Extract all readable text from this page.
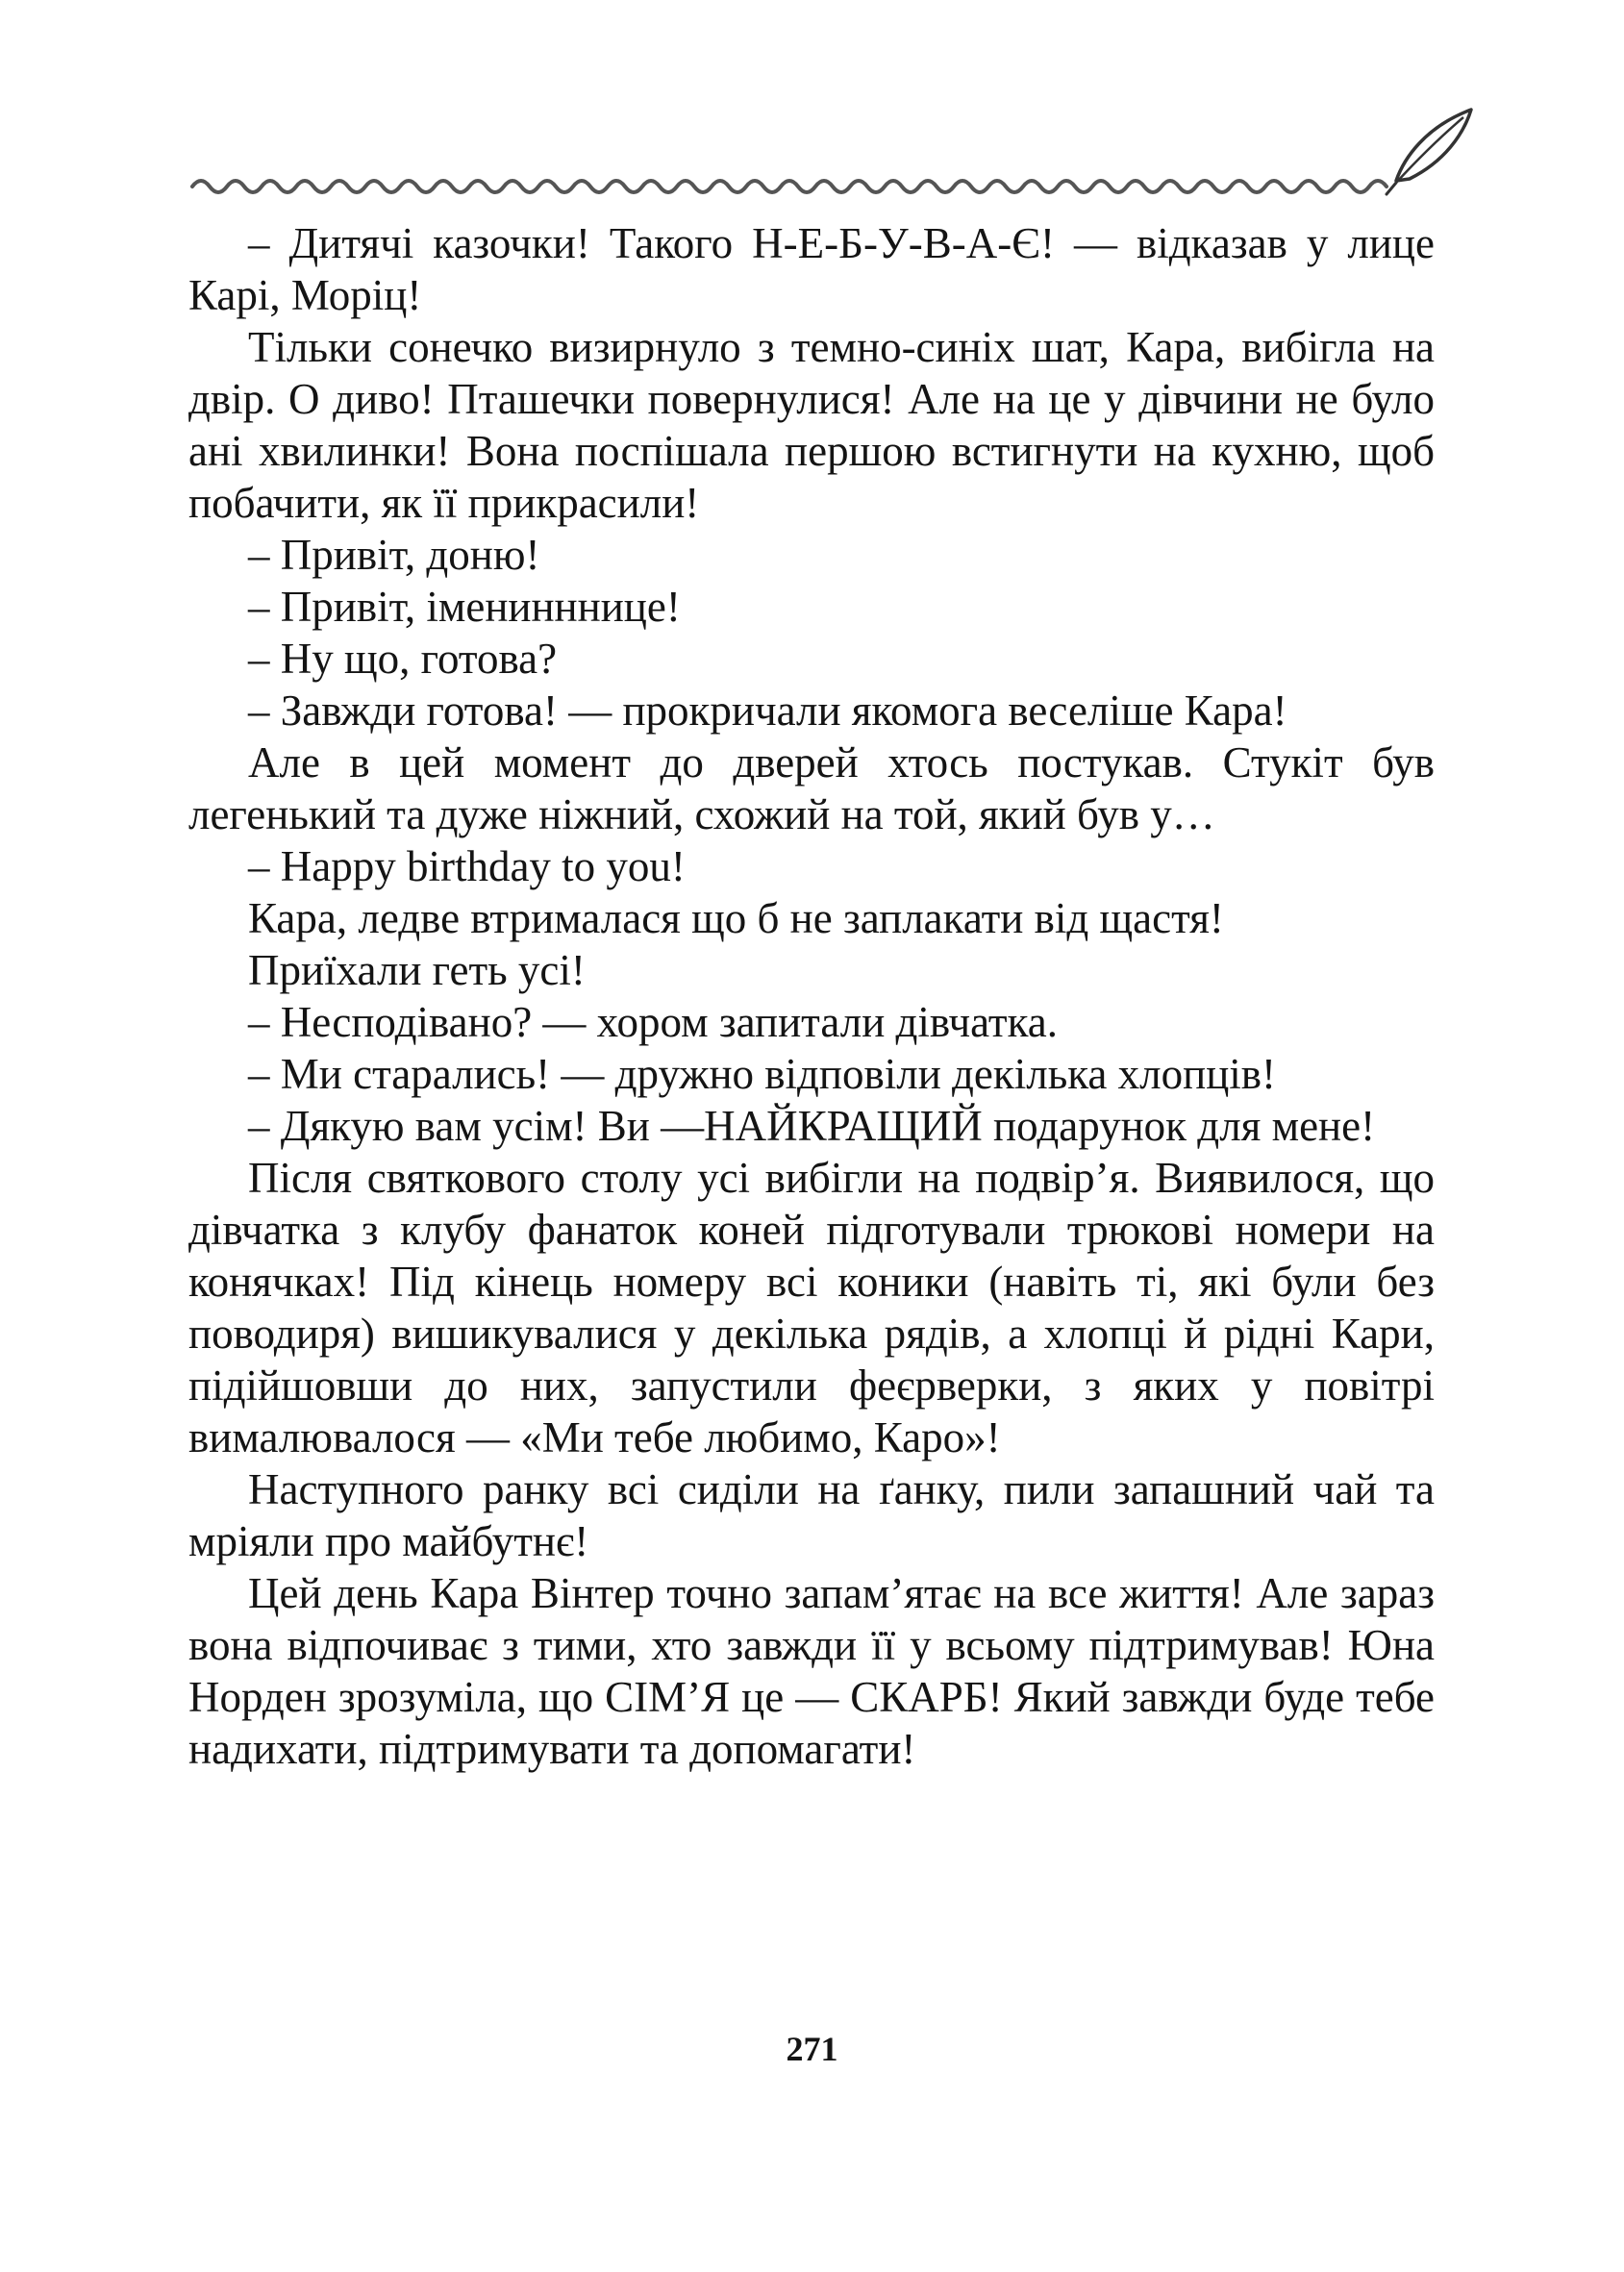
– Дитячі казочки! Такого Н-Е-Б-У-В-А-Є! — відказав у лице Карі, Моріц!

Тільки сонечко визирнуло з темно-синіх шат, Кара, вибігла на двір. О диво! Пташечки повернулися! Але на це у дівчини не було ані хвилинки! Вона поспішала першою встигнути на кухню, щоб побачити, як її прикрасили!

– Привіт, доню!

– Привіт, іменинннице!

– Ну що, готова?

– Завжди готова! — прокричали якомога веселіше Кара!

Але в цей момент до дверей хтось постукав. Стукіт був легенький та дуже ніжний, схожий на той, який був у…

– Happy birthday to you!

Кара, ледве втрималася що б не заплакати від щастя!

Приїхали геть усі!

– Несподівано? — хором запитали дівчатка.

– Ми старались! — дружно відповіли декілька хлопців!

– Дякую вам усім! Ви —НАЙКРАЩИЙ подарунок для мене!

Після святкового столу усі вибігли на подвір’я. Виявилося, що дівчатка з клубу фанаток коней підготували трюкові номери на конячках! Під кінець номеру всі коники (навіть ті, які були без поводиря) вишикувалися у декілька рядів, а хлопці й рідні Кари, підійшовши до них, запустили феєрверки, з яких у повітрі вималювалося — «Ми тебе любимо, Каро»!

Наступного ранку всі сиділи на ґанку, пили запашний чай та мріяли про майбутнє!

Цей день Кара Вінтер точно запам’ятає на все життя! Але зараз вона відпочиває з тими, хто завжди її у всьому підтримував! Юна Норден зрозуміла, що СІМ’Я це — СКАРБ! Який завжди буде тебе надихати, підтримувати та допомагати!

271
